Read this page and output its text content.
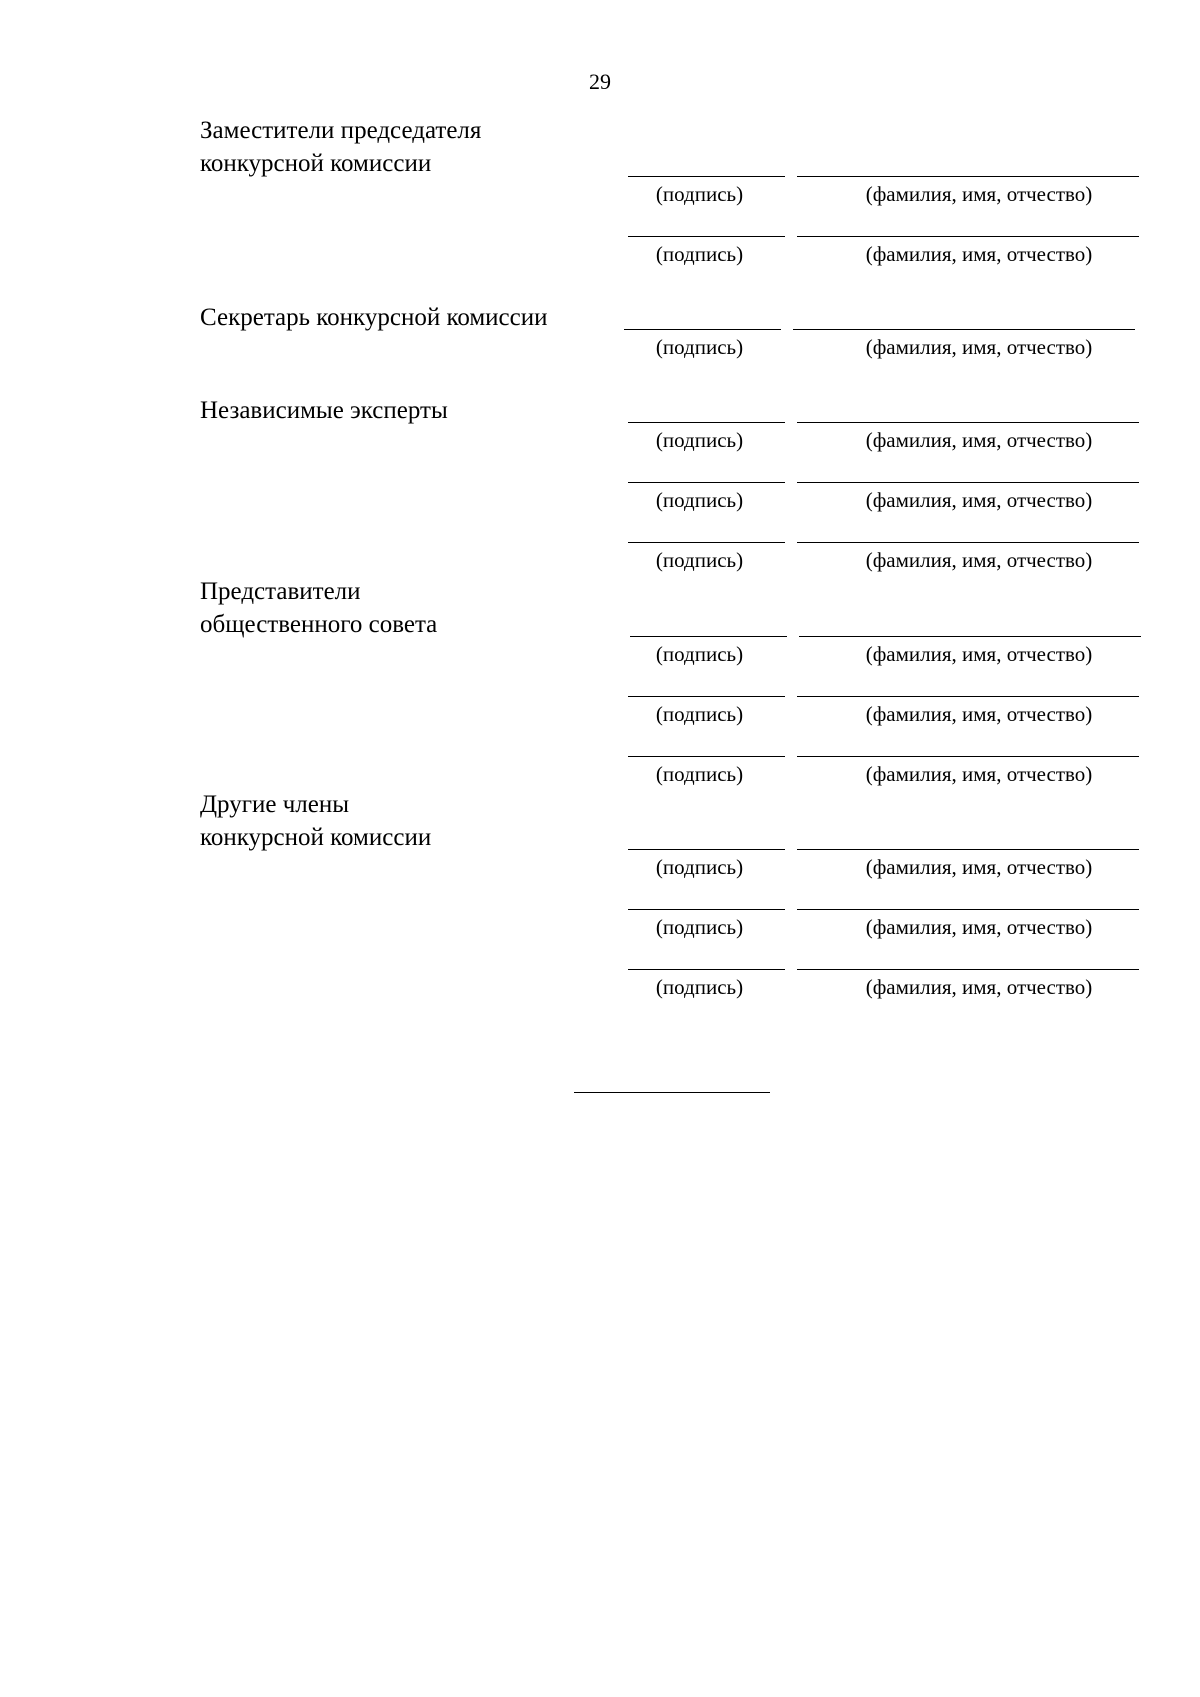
29
Заместители председателя
конкурсной комиссии
(подпись)	(фамилия, имя, отчество)
(подпись)	(фамилия, имя, отчество)
Секретарь конкурсной комиссии
(подпись)	(фамилия, имя, отчество)
Независимые эксперты
(подпись)	(фамилия, имя, отчество)
(подпись)	(фамилия, имя, отчество)
(подпись)	(фамилия, имя, отчество)
Представители
общественного совета
(подпись)	(фамилия, имя, отчество)
(подпись)	(фамилия, имя, отчество)
(подпись)	(фамилия, имя, отчество)
Другие члены
конкурсной комиссии
(подпись)	(фамилия, имя, отчество)
(подпись)	(фамилия, имя, отчество)
(подпись)	(фамилия, имя, отчество)
